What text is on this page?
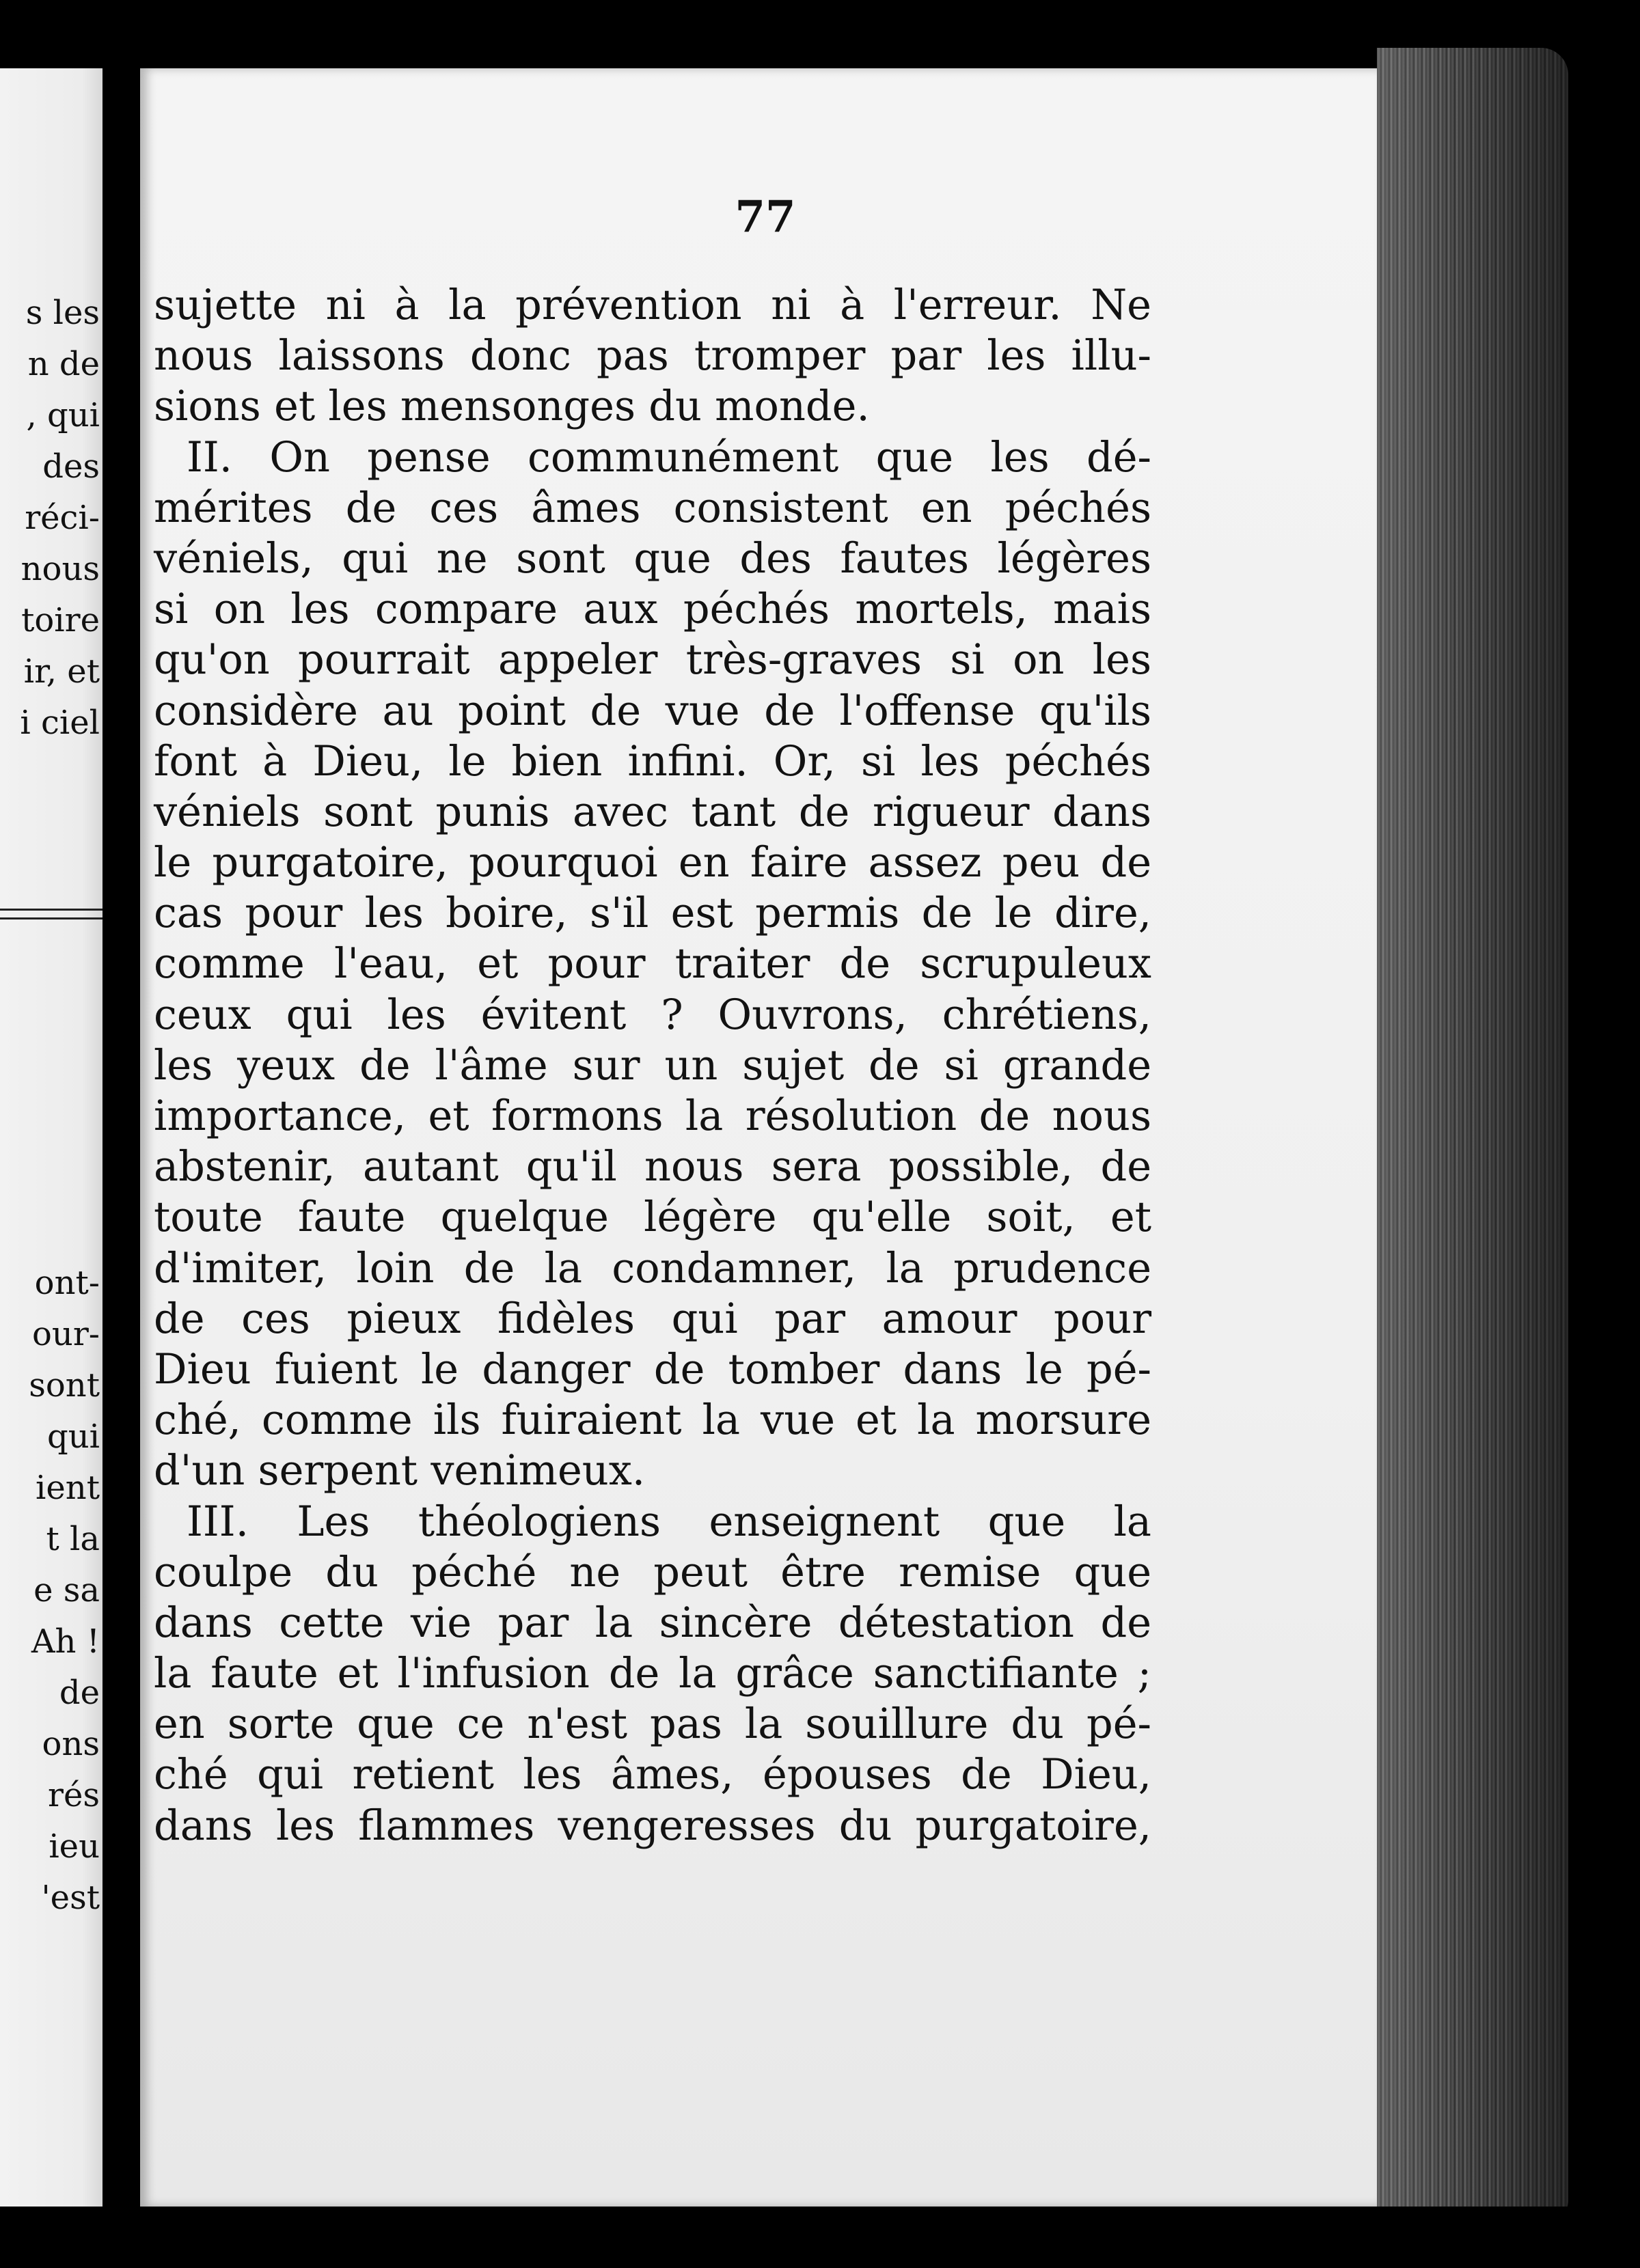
s les
n de
, qui
des
réci-
nous
toire
ir, et
i ciel
ont-
our-
sont
qui
ient
t la
e sa
Ah !
de
ons
rés
ieu
'est
77
sujette ni à la prévention ni à l'erreur. Ne
nous laissons donc pas tromper par les illu-
sions et les mensonges du monde.
II. On pense communément que les dé-
mérites de ces âmes consistent en péchés
véniels, qui ne sont que des fautes légères
si on les compare aux péchés mortels, mais
qu'on pourrait appeler très-graves si on les
considère au point de vue de l'offense qu'ils
font à Dieu, le bien infini. Or, si les péchés
véniels sont punis avec tant de rigueur dans
le purgatoire, pourquoi en faire assez peu de
cas pour les boire, s'il est permis de le dire,
comme l'eau, et pour traiter de scrupuleux
ceux qui les évitent ? Ouvrons, chrétiens,
les yeux de l'âme sur un sujet de si grande
importance, et formons la résolution de nous
abstenir, autant qu'il nous sera possible, de
toute faute quelque légère qu'elle soit, et
d'imiter, loin de la condamner, la prudence
de ces pieux fidèles qui par amour pour
Dieu fuient le danger de tomber dans le pé-
ché, comme ils fuiraient la vue et la morsure
d'un serpent venimeux.
III. Les théologiens enseignent que la
coulpe du péché ne peut être remise que
dans cette vie par la sincère détestation de
la faute et l'infusion de la grâce sanctifiante ;
en sorte que ce n'est pas la souillure du pé-
ché qui retient les âmes, épouses de Dieu,
dans les flammes vengeresses du purgatoire,
